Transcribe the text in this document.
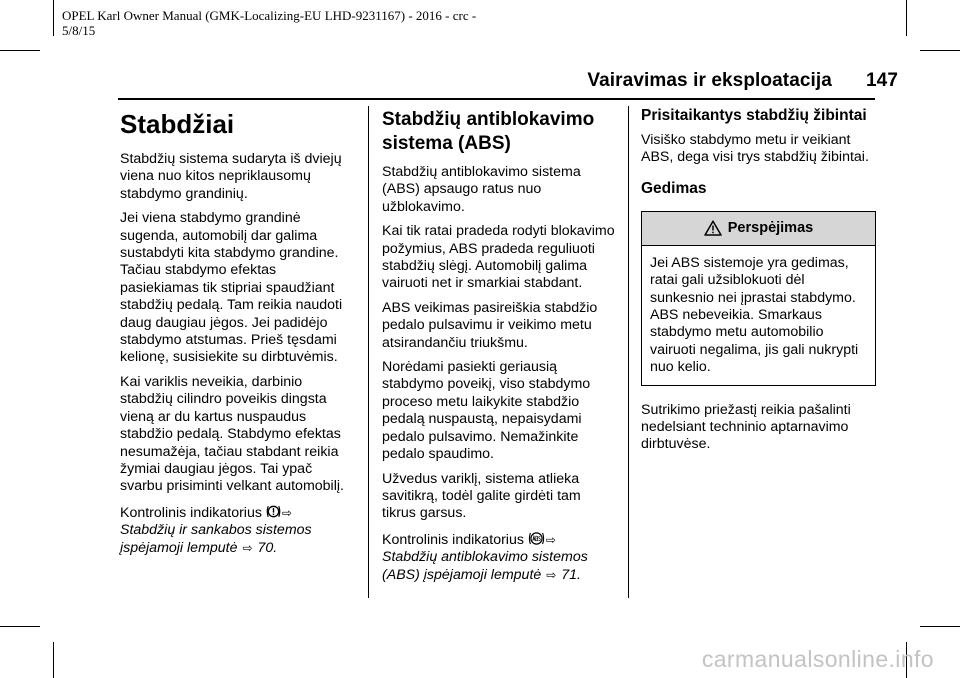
OPEL Karl Owner Manual (GMK-Localizing-EU LHD-9231167) - 2016 - crc -
5/8/15
Vairavimas ir eksploatacija 147
Stabdžiai

Stabdžių sistema sudaryta iš dviejų viena nuo kitos nepriklausomų stabdymo grandinių.

Jei viena stabdymo grandinė sugenda, automobilį dar galima sustabdyti kita stabdymo grandine. Tačiau stabdymo efektas pasiekiamas tik stipriai spaudžiant stabdžių pedalą. Tam reikia naudoti daug daugiau jėgos. Jei padidėjo stabdymo atstumas. Prieš tęsdami kelionę, susisiekite su dirbtuvėmis.

Kai variklis neveikia, darbinio stabdžių cilindro poveikis dingsta vieną ar du kartus nuspaudus stabdžio pedalą. Stabdymo efektas nesumažėja, tačiau stabdant reikia žymiai daugiau jėgos. Tai ypač svarbu prisiminti velkant automobilį.

Kontrolinis indikatorius ⇨
Stabdžių ir sankabos sistemos įspėjamoji lemputė ⇨ 70.

Stabdžių antiblokavimo sistema (ABS)

Stabdžių antiblokavimo sistema (ABS) apsaugo ratus nuo užblokavimo.

Kai tik ratai pradeda rodyti blokavimo požymius, ABS pradeda reguliuoti stabdžių slėgį. Automobilį galima vairuoti net ir smarkiai stabdant.

ABS veikimas pasireiškia stabdžio pedalo pulsavimu ir veikimo metu atsirandančiu triukšmu.

Norėdami pasiekti geriausią stabdymo poveikį, viso stabdymo proceso metu laikykite stabdžio pedalą nuspaustą, nepaisydami pedalo pulsavimo. Nemažinkite pedalo spaudimo.

Užvedus variklį, sistema atlieka savitikrą, todėl galite girdėti tam tikrus garsus.

Kontrolinis indikatorius ⇨
Stabdžių antiblokavimo sistemos (ABS) įspėjamoji lemputė ⇨ 71.

Prisitaikantys stabdžių žibintai

Visiško stabdymo metu ir veikiant ABS, dega visi trys stabdžių žibintai.

Gedimas
Perspėjimas
Jei ABS sistemoje yra gedimas, ratai gali užsiblokuoti dėl sunkesnio nei įprastai stabdymo. ABS nebeveikia. Smarkaus stabdymo metu automobilio vairuoti negalima, jis gali nukrypti nuo kelio.

Sutrikimo priežastį reikia pašalinti nedelsiant techninio aptarnavimo dirbtuvėse.

carmanualsonline.info
